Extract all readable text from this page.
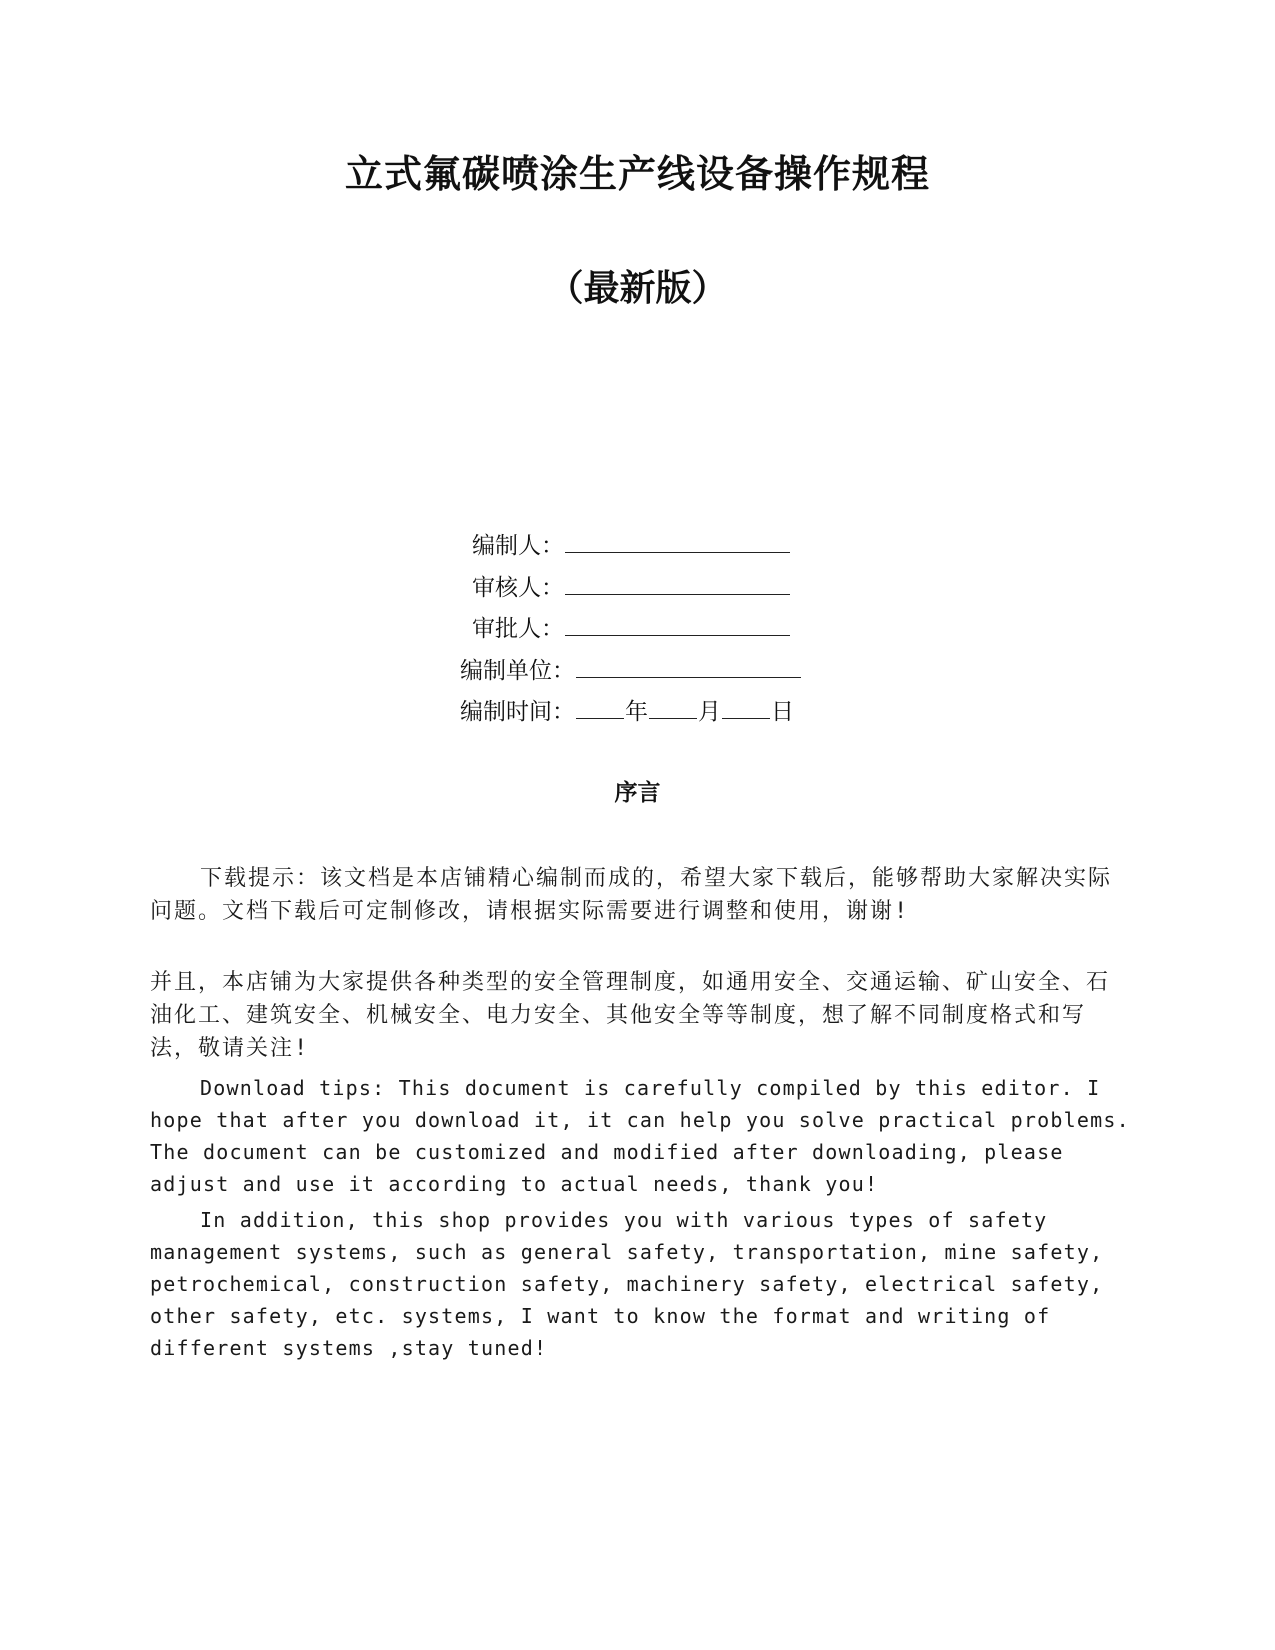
立式氟碳喷涂生产线设备操作规程
（最新版）
编制人：
审核人：
审批人：
编制单位：
编制时间： 年 月 日
序言

下载提示：该文档是本店铺精心编制而成的，希望大家下载后，能够帮助大家解决实际问题。文档下载后可定制修改，请根据实际需要进行调整和使用，谢谢!

并且，本店铺为大家提供各种类型的安全管理制度，如通用安全、交通运输、矿山安全、石油化工、建筑安全、机械安全、电力安全、其他安全等等制度，想了解不同制度格式和写法，敬请关注!

Download tips: This document is carefully compiled by this editor. I hope that after you download it, it can help you solve practical problems. The document can be customized and modified after downloading, please adjust and use it according to actual needs, thank you!

In addition, this shop provides you with various types of safety management systems, such as general safety, transportation, mine safety, petrochemical, construction safety, machinery safety, electrical safety, other safety, etc. systems, I want to know the format and writing of different systems ,stay tuned!
